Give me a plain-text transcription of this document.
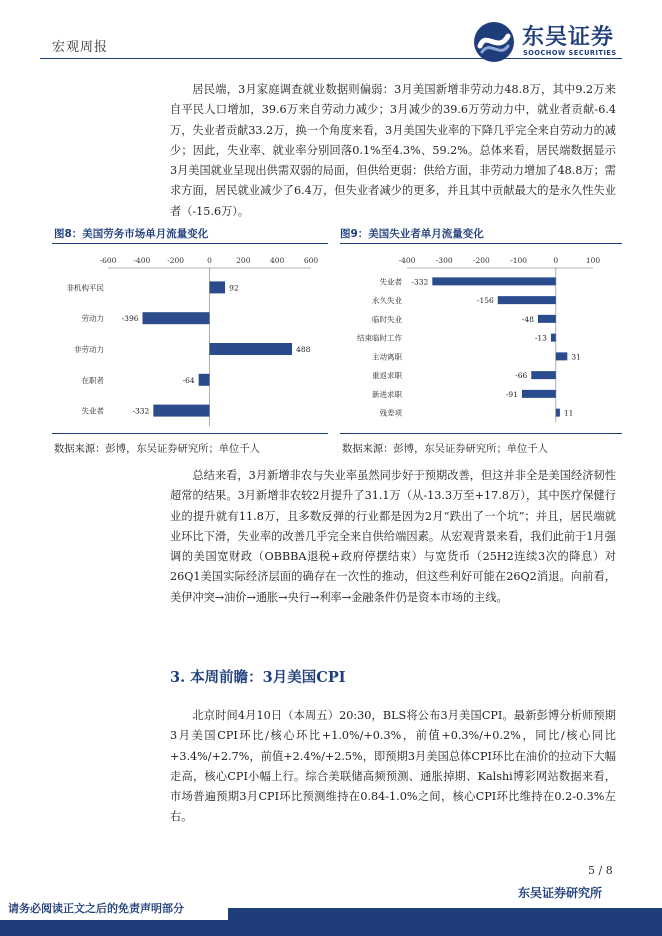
宏观周报	东吴证券
SOOCHOW SECURITIES

居民端，3月家庭调查就业数据则偏弱：3月美国新增非劳动力48.8万，其中9.2万来自平民人口增加，39.6万来自劳动力减少；3月减少的39.6万劳动力中，就业者贡献-6.4万，失业者贡献33.2万，换一个角度来看，3月美国失业率的下降几乎完全来自劳动力的减少；因此，失业率、就业率分别回落0.1%至4.3%、59.2%。总体来看，居民端数据显示3月美国就业呈现出供需双弱的局面，但供给更弱：供给方面，非劳动力增加了48.8万；需求方面，居民就业减少了6.4万，但失业者减少的更多，并且其中贡献最大的是永久性失业者（-15.6万）。

图8：美国劳务市场单月流量变化
-600 -400 -200	0	200	400	600
非机构平民	92
劳动力 -396
非劳动力	488
在职者	-64
失业者	-332
数据来源：彭博，东吴证券研究所；单位千人
图9：美国失业者单月流量变化
-400	-300	-200	-100	0	100
失业者 -332
永久失业	-156
临时失业	-48
结束临时工作	-13
主动离职	31
重返求职	-66
新进求职	-91
残差项	11
数据来源：彭博，东吴证券研究所；单位千人

总结来看，3月新增非农与失业率虽然同步好于预期改善，但这并非全是美国经济韧性超常的结果。3月新增非农较2月提升了31.1万（从-13.3万至+17.8万），其中医疗保健行业的提升就有11.8万，且多数反弹的行业都是因为2月“跌出了一个坑”；并且，居民端就业环比下滑，失业率的改善几乎完全来自供给端因素。从宏观背景来看，我们此前于1月强调的美国宽财政（OBBBA退税+政府停摆结束）与宽货币（25H2连续3次的降息）对26Q1美国实际经济层面的确存在一次性的推动，但这些利好可能在26Q2消退。向前看，美伊冲突→油价→通胀→央行→利率→金融条件仍是资本市场的主线。

3. 本周前瞻：3月美国CPI

北京时间4月10日（本周五）20:30，BLS将公布3月美国CPI。最新彭博分析师预期3月美国CPI环比/核心环比+1.0%/+0.3%，前值+0.3%/+0.2%，同比/核心同比+3.4%/+2.7%，前值+2.4%/+2.5%，即预期3月美国总体CPI环比在油价的拉动下大幅走高，核心CPI小幅上行。综合美联储高频预测、通胀掉期、Kalshi博彩网站数据来看，市场普遍预期3月CPI环比预测维持在0.84-1.0%之间，核心CPI环比维持在0.2-0.3%左右。

5 / 8
东吴证券研究所
请务必阅读正文之后的免责声明部分
